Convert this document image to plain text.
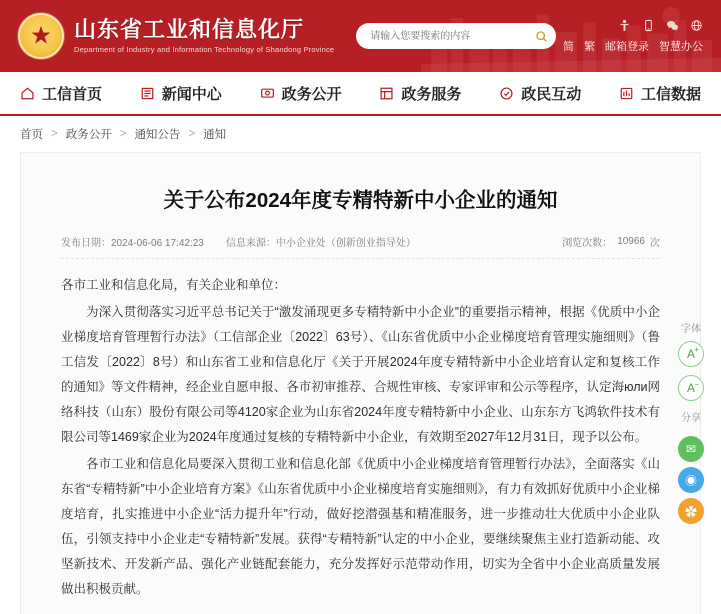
★ 山东省工业和信息化厅
Department of Industry and Information Technology of Shandong Province
请输入您要搜索的内容	简 繁 邮箱登录 智慧办公
工信首页	新闻中心	政务公开	政务服务	政民互动	工信数据
首页 > 政务公开 > 通知公告 > 通知
关于公布2024年度专精特新中小企业的通知
发布日期：2024-06-06 17:42:23 信息来源：中小企业处（创新创业指导处）	浏览次数： 10966 次

各市工业和信息化局，有关企业和单位：

为深入贯彻落实习近平总书记关于“激发涌现更多专精特新中小企业”的重要指示精神，根据《优质中小企业梯度培育管理暂行办法》（工信部企业〔2022〕63号）、《山东省优质中小企业梯度培育管理实施细则》（鲁工信发〔2022〕8号）和山东省工业和信息化厅《关于开展2024年度专精特新中小企业培育认定和复核工作的通知》等文件精神，经企业自愿申报、各市初审推荐、合规性审核、专家评审和公示等程序，认定海юли网络科技（山东）股份有限公司等4120家企业为山东省2024年度专精特新中小企业、山东东方飞鸿软件技术有限公司等1469家企业为2024年度通过复核的专精特新中小企业，有效期至2027年12月31日，现予以公布。

各市工业和信息化局要深入贯彻工业和信息化部《优质中小企业梯度培育管理暂行办法》，全面落实《山东省“专精特新”中小企业培育方案》《山东省优质中小企业梯度培育实施细则》，有力有效抓好优质中小企业梯度培育，扎实推进中小企业“活力提升年”行动，做好挖潜强基和精准服务，进一步推动壮大优质中小企业队伍，引领支持中小企业走“专精特新”发展。获得“专精特新”认定的中小企业，要继续聚焦主业打造新动能、攻坚新技术、开发新产品、强化产业链配套能力，充分发挥好示范带动作用，切实为全省中小企业高质量发展做出积极贡献。

字体
A +
A −
分享
✉
◉
✿
